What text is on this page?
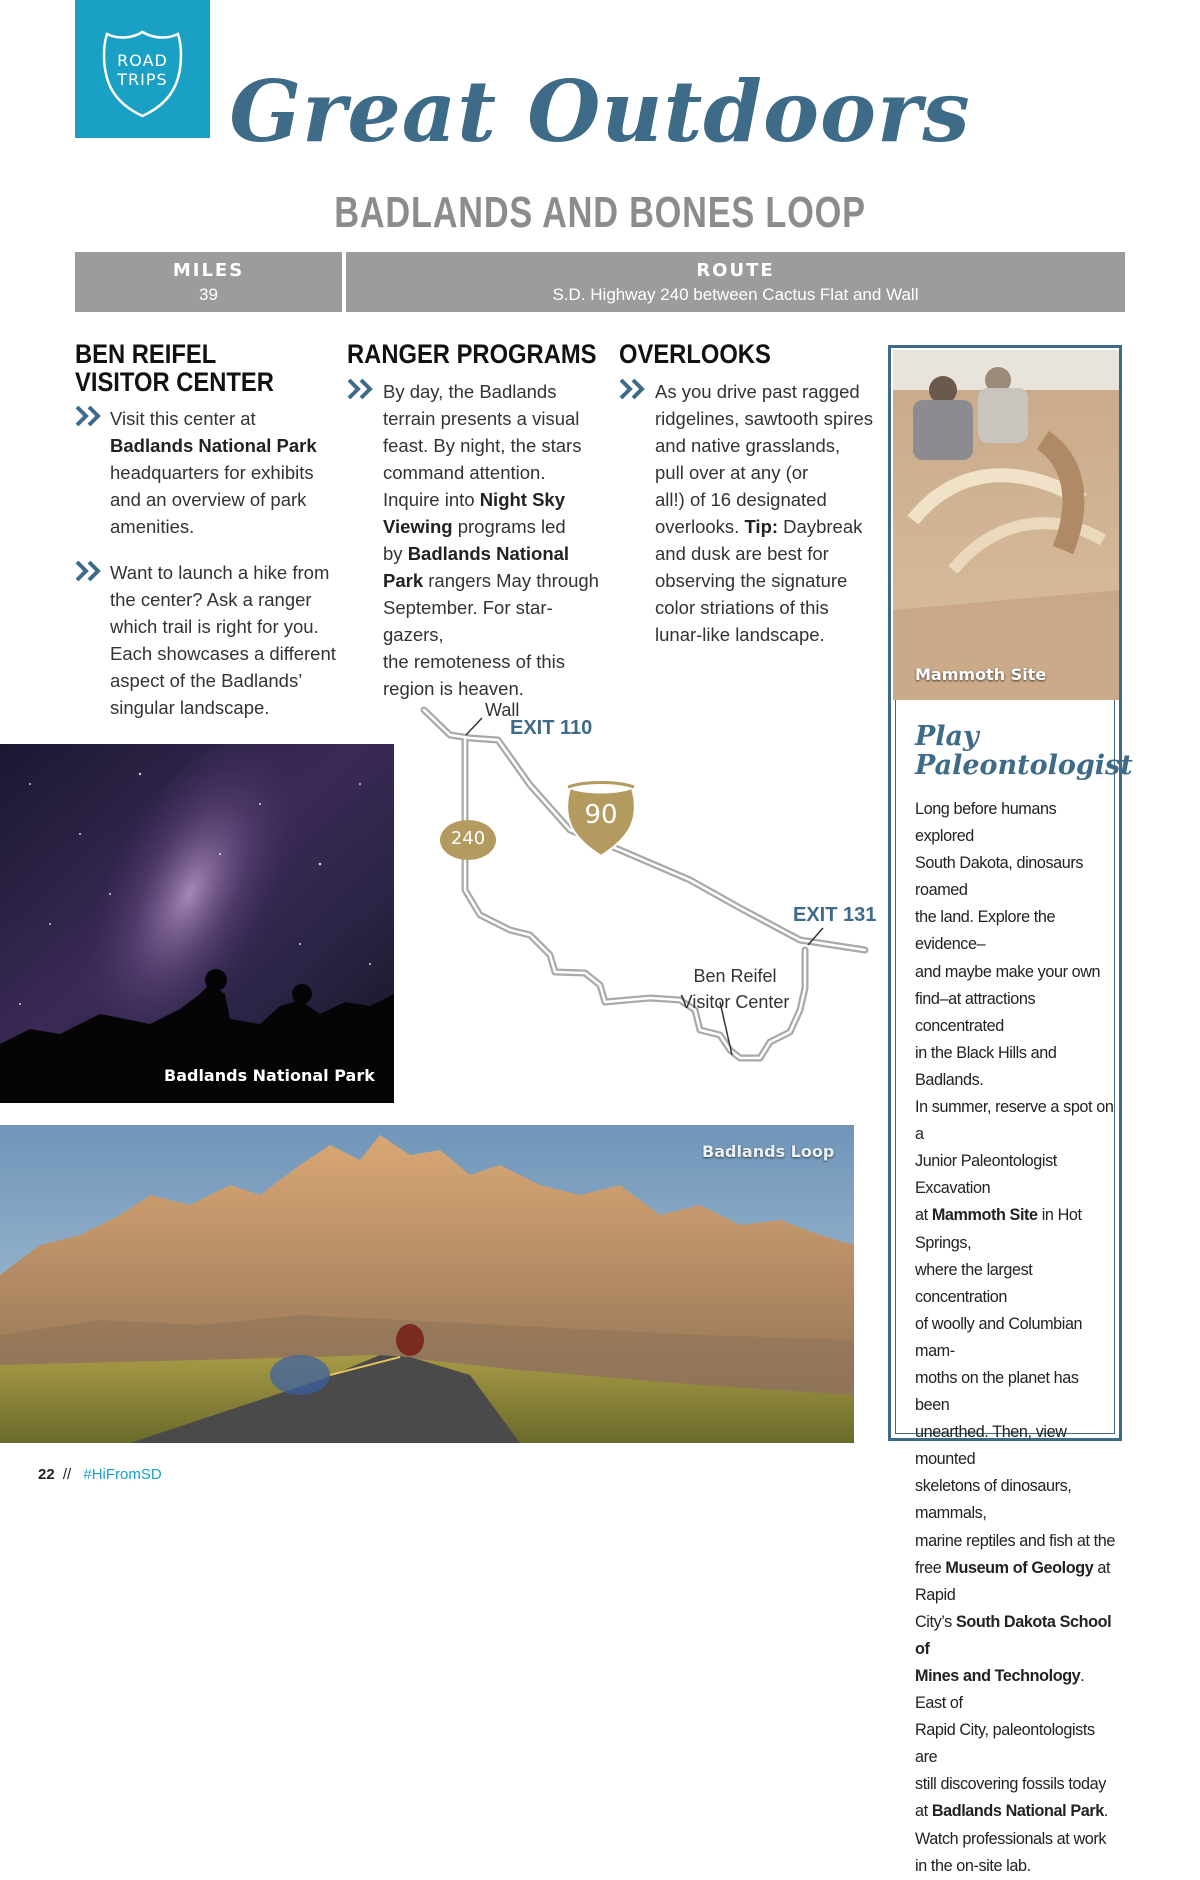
ROAD
TRIPS Great Outdoors
BADLANDS AND BONES LOOP
MILES
39
ROUTE
S.D. Highway 240 between Cactus Flat and Wall
BEN REIFEL
VISITOR CENTER
Visit this center at
Badlands National Park
headquarters for exhibits
and an overview of park
amenities.
Want to launch a hike from
the center? Ask a ranger
which trail is right for you.
Each showcases a different
aspect of the Badlands’
singular landscape.
RANGER PROGRAMS
By day, the Badlands
terrain presents a visual
feast. By night, the stars
command attention.
Inquire into Night Sky
Viewing programs led
by Badlands National
Park rangers May through
September. For star-gazers,
the remoteness of this
region is heaven.
OVERLOOKS
As you drive past ragged
ridgelines, sawtooth spires
and native grasslands,
pull over at any (or
all!) of 16 designated
overlooks. Tip: Daybreak
and dusk are best for
observing the signature
color striations of this
lunar-like landscape.
Badlands National Park
Wall
EXIT 110
EXIT 131
240
90
Ben Reifel
Visitor Center
Badlands Loop
Mammoth Site
Play
Paleontologist
Long before humans explored
South Dakota, dinosaurs roamed
the land. Explore the evidence–
and maybe make your own
find–at attractions concentrated
in the Black Hills and Badlands.
In summer, reserve a spot on a
Junior Paleontologist Excavation
at Mammoth Site in Hot Springs,
where the largest concentration
of woolly and Columbian mam-
moths on the planet has been
unearthed. Then, view mounted
skeletons of dinosaurs, mammals,
marine reptiles and fish at the
free Museum of Geology at Rapid
City’s South Dakota School of
Mines and Technology. East of
Rapid City, paleontologists are
still discovering fossils today
at Badlands National Park.
Watch professionals at work
in the on-site lab.
22 // #HiFromSD
